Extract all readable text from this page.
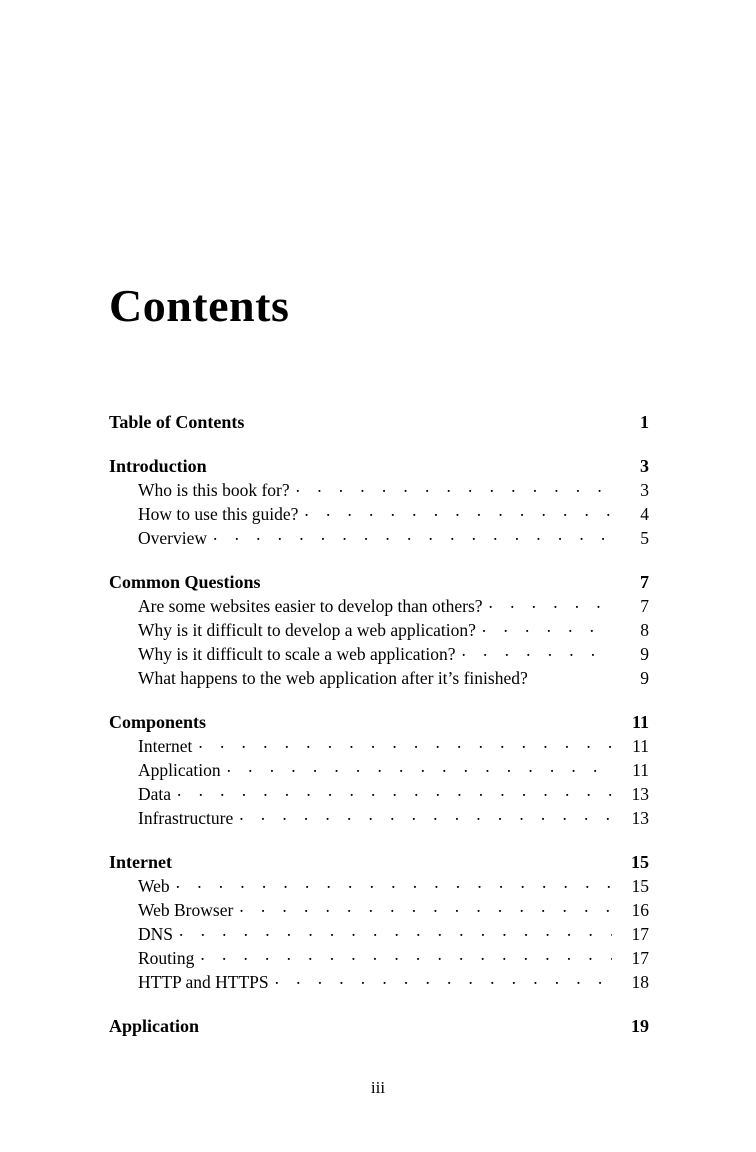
Contents
Table of Contents	1
Introduction	3
Who is this book for? . . .	3
How to use this guide? . . .	4
Overview . . .	5
Common Questions	7
Are some websites easier to develop than others? . . .	7
Why is it difficult to develop a web application? . . .	8
Why is it difficult to scale a web application? . . .	9
What happens to the web application after it’s finished?	9
Components	11
Internet . . .	11
Application . . .	11
Data . . .	13
Infrastructure . . .	13
Internet	15
Web . . .	15
Web Browser . . .	16
DNS . . .	17
Routing . . .	17
HTTP and HTTPS . . .	18
Application	19
iii
